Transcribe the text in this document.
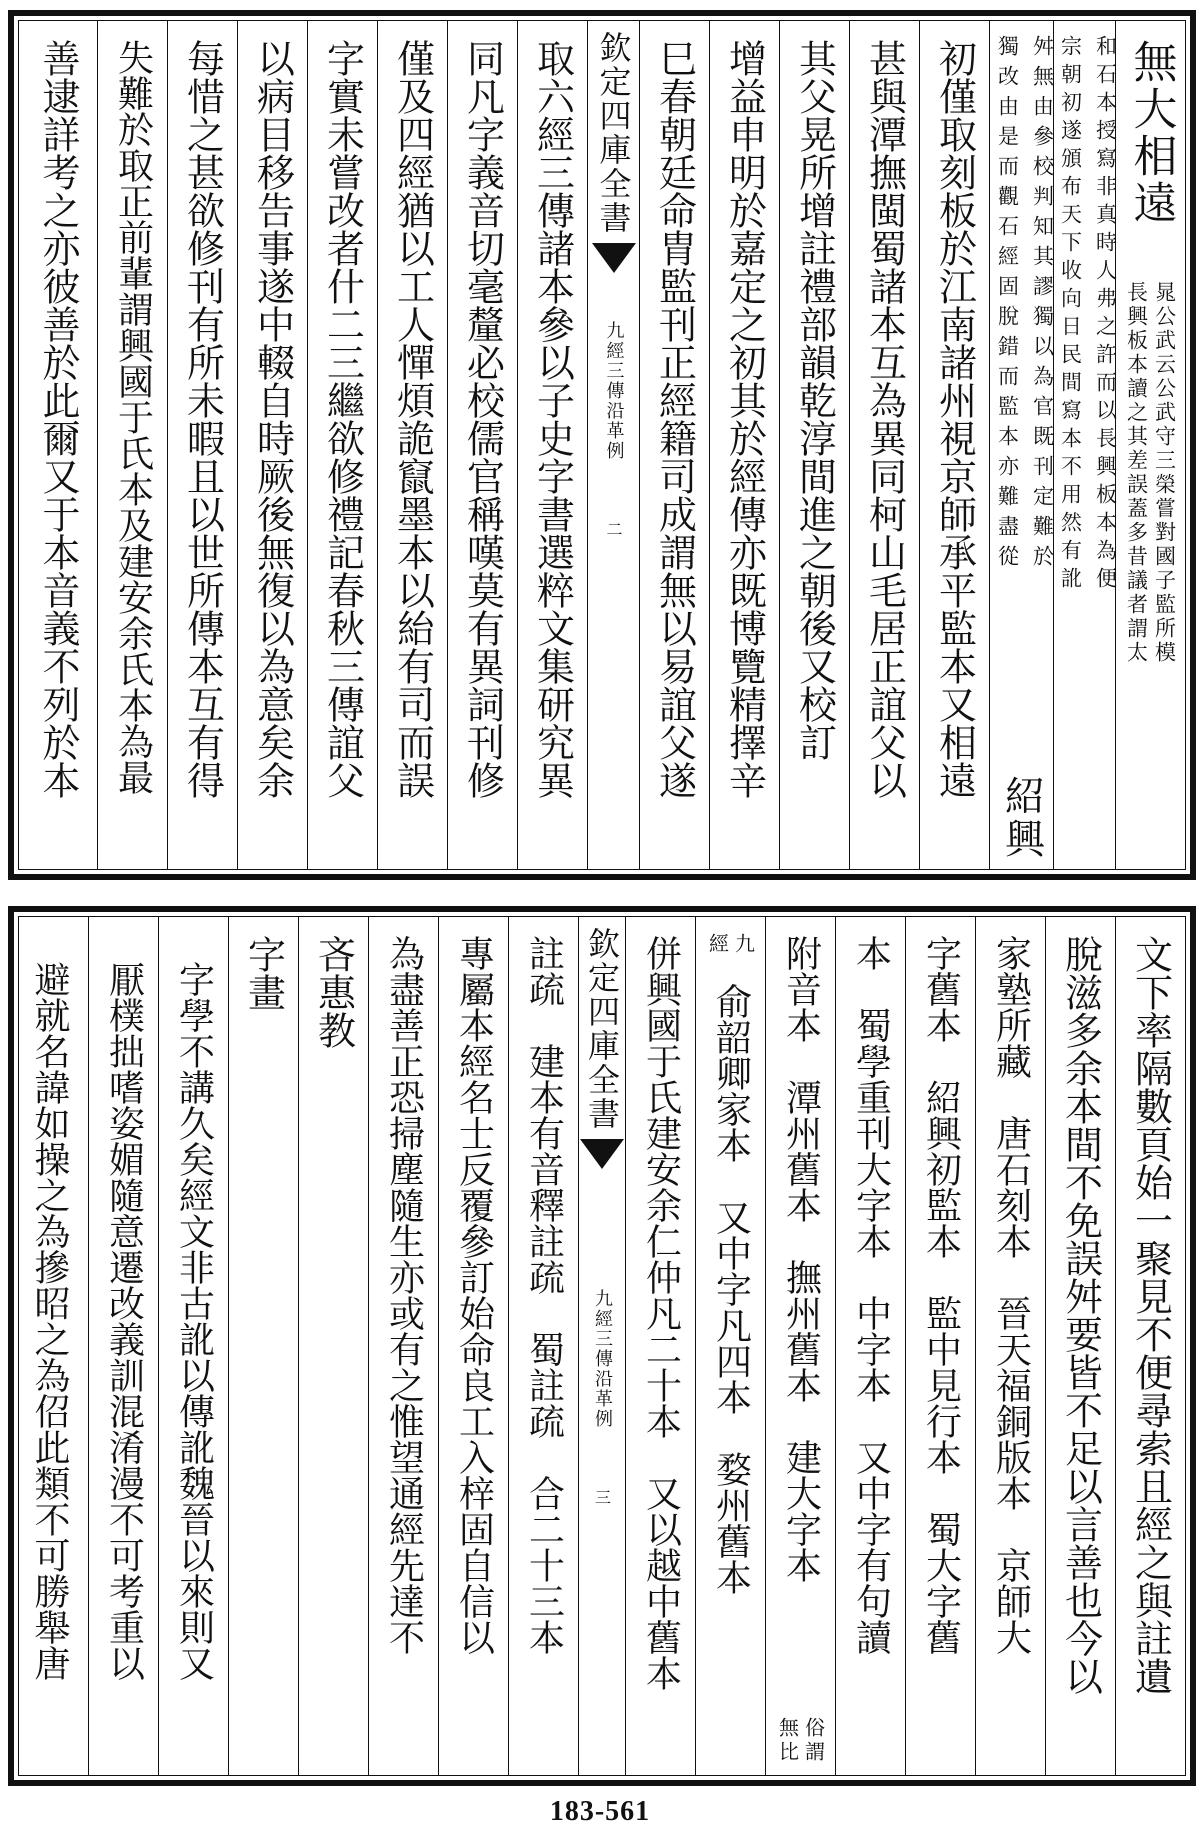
無大相遠
晁公武云公武守三榮嘗對國子監所模
長興板本讀之其差誤蓋多昔議者謂太
和石本授寫非真時人弗之許而以長興板本為便
宗朝初遂頒布天下收向日民間寫本不用然有訛
舛無由參校判知其謬獨以為官既刊定難於
獨改由是而觀石經固脫錯而監本亦難盡從
紹興
初僅取刻板於江南諸州視京師承平監本又相遠
甚與潭撫閩蜀諸本互為異同柯山毛居正誼父以
其父晃所增註禮部韻乾淳間進之朝後又校訂
增益申明於嘉定之初其於經傳亦既博覽精擇辛
巳春朝廷命胄監刊正經籍司成謂無以易誼父遂
欽定四庫全書
九經三傳沿革例
二
取六經三傳諸本參以子史字書選粹文集研究異
同凡字義音切毫釐必校儒官稱嘆莫有異詞刊修
僅及四經猶以工人憚煩詭竄墨本以紿有司而誤
字實未嘗改者什二三繼欲修禮記春秋三傳誼父
以病目移告事遂中輟自時厥後無復以為意矣余
每惜之甚欲修刊有所未暇且以世所傳本互有得
失難於取正前輩謂興國于氏本及建安余氏本為最
善逮詳考之亦彼善於此爾又于本音義不列於本
文下率隔數頁始一聚見不便尋索且經之與註遺
脫滋多余本間不免誤舛要皆不足以言善也今以
家塾所藏　唐石刻本　晉天福銅版本　京師大
字舊本　紹興初監本　監中見行本　蜀大字舊
本　蜀學重刊大字本　中字本　又中字有句讀
附音本　潭州舊本　撫州舊本　建大字本
俗謂
無比
九
經
俞韶卿家本　又中字凡四本　婺州舊本
併興國于氏建安余仁仲凡二十本　又以越中舊本
欽定四庫全書
九經三傳沿革例
三
註疏　建本有音釋註疏　蜀註疏　合二十三本
專屬本經名士反覆參訂始命良工入梓固自信以
為盡善正恐掃塵隨生亦或有之惟望通經先達不
吝惠教
字畫
字學不講久矣經文非古訛以傳訛魏晉以來則又
厭樸拙嗜姿媚隨意遷改義訓混淆漫不可考重以
避就名諱如操之為摻昭之為佋此類不可勝舉唐
183-561
